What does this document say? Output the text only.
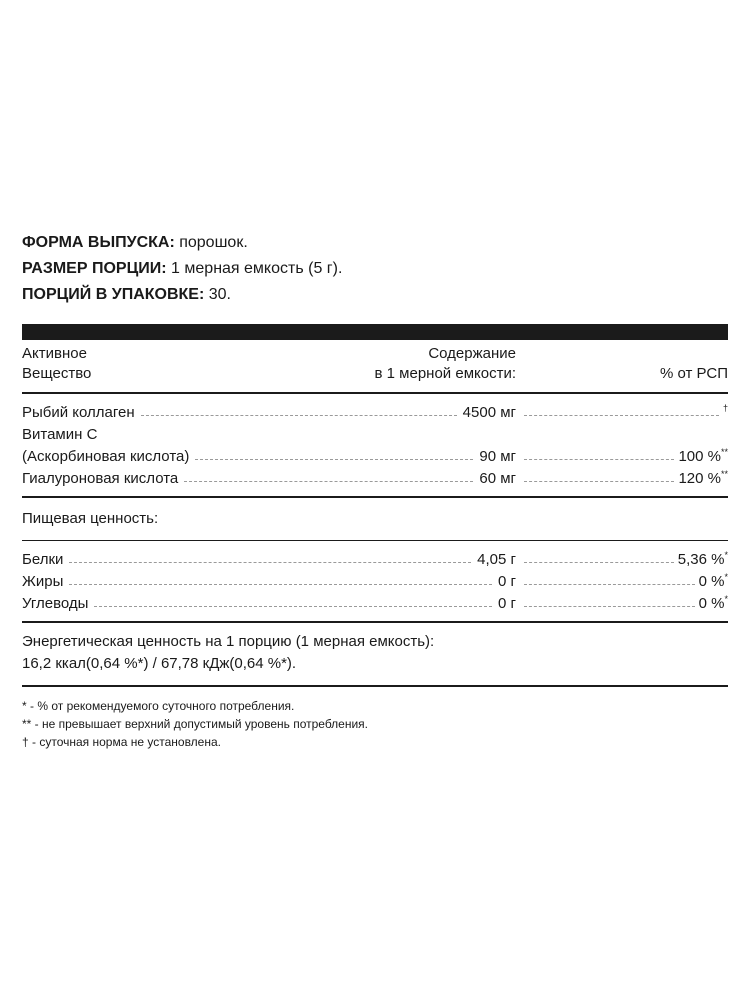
ФОРМА ВЫПУСКА: порошок.
РАЗМЕР ПОРЦИИ: 1 мерная емкость (5 г).
ПОРЦИЙ В УПАКОВКЕ: 30.
Активное
Вещество
Содержание
в 1 мерной емкости:	% от РСП
Рыбий коллаген	4500 мг	†
Витамин С
(Аскорбиновая кислота)	90 мг	100 %**
Гиалуроновая кислота	60 мг	120 %**
Пищевая ценность:
Белки	4,05 г	5,36 %*
Жиры	0 г	0 %*
Углеводы	0 г	0 %*
Энергетическая ценность на 1 порцию (1 мерная емкость):
16,2 ккал(0,64 %*) / 67,78 кДж(0,64 %*).
* - % от рекомендуемого суточного потребления.
** - не превышает верхний допустимый уровень потребления.
† - суточная норма не установлена.
